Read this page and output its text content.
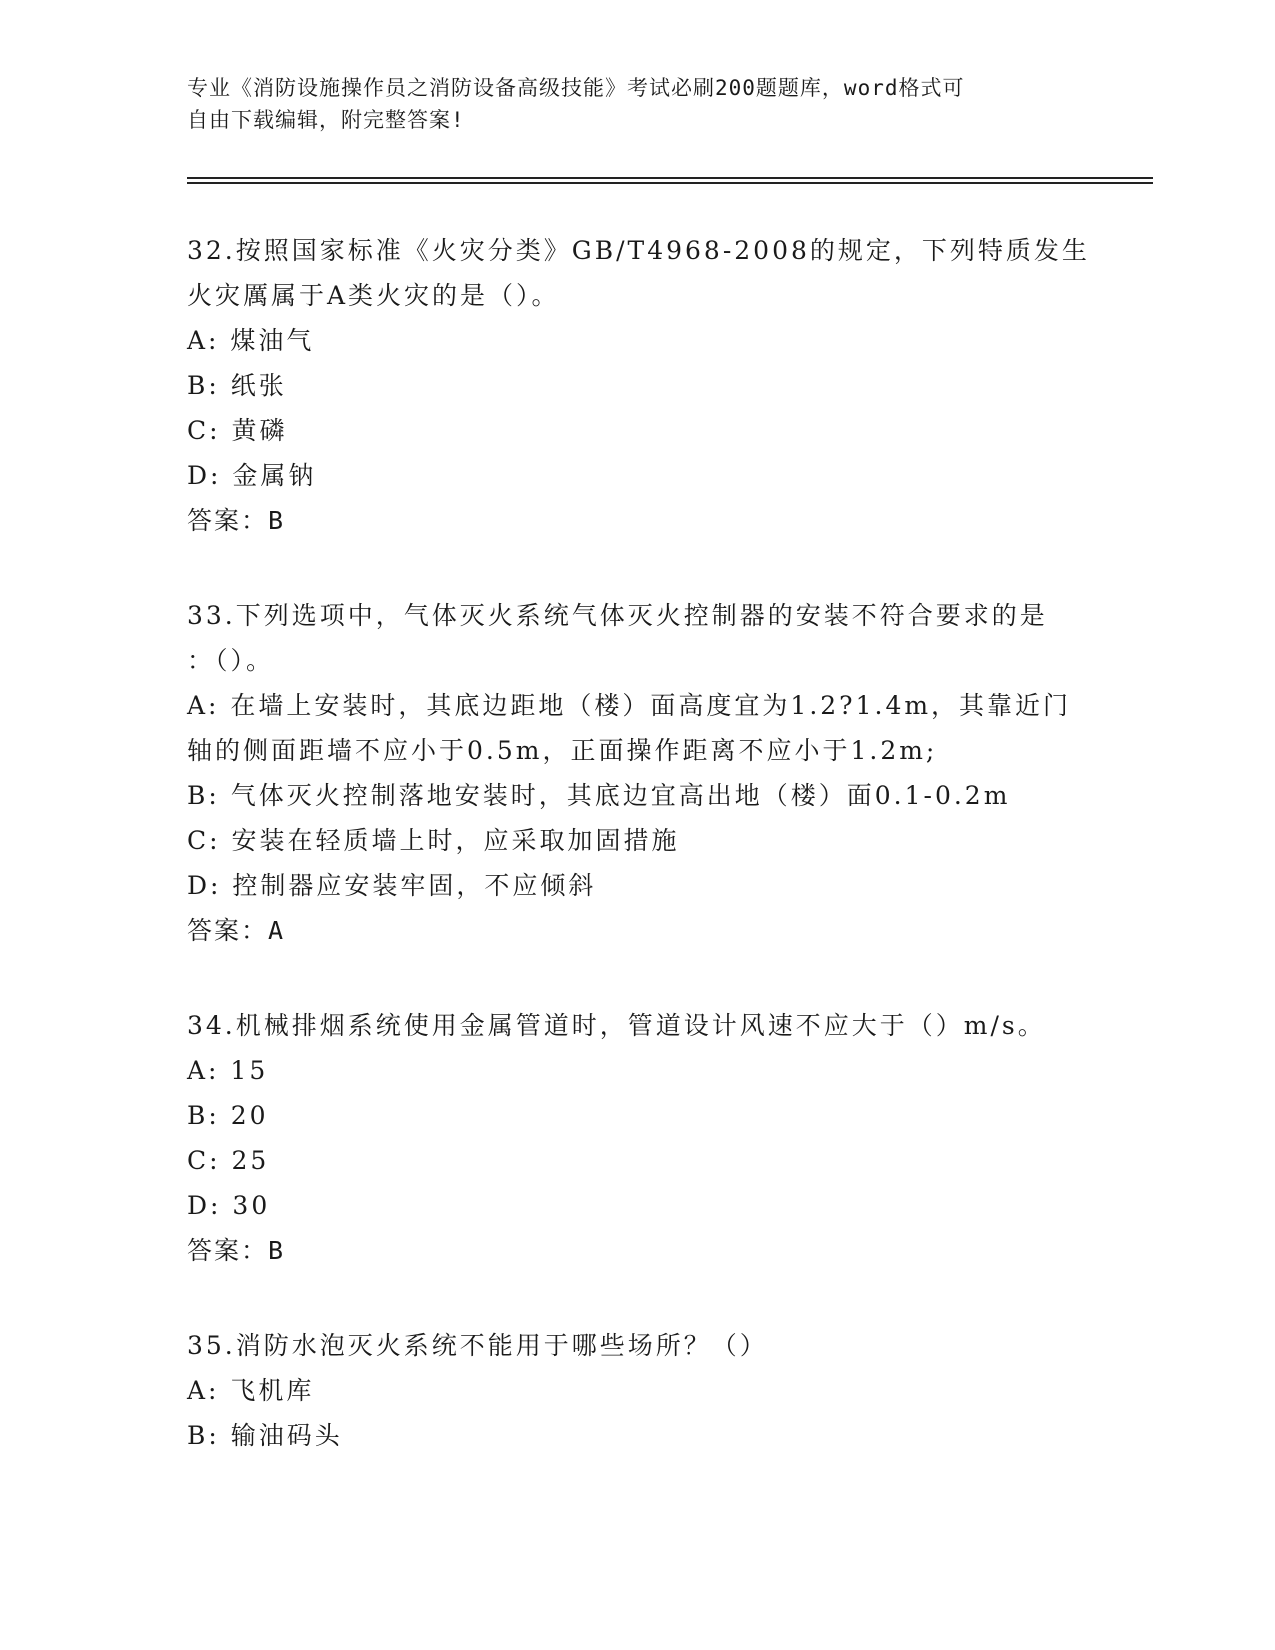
专业《消防设施操作员之消防设备高级技能》考试必刷200题题库，word格式可
自由下载编辑，附完整答案!
32.按照国家标准《火灾分类》GB/T4968-2008的规定，下列特质发生
火灾厲属于A类火灾的是（）。
A: 煤油气
B: 纸张
C: 黄磷
D: 金属钠
答案：B
33.下列选项中，气体灭火系统气体灭火控制器的安装不符合要求的是
：（）。
A: 在墙上安装时，其底边距地（楼）面高度宜为1.2?1.4m，其靠近门
轴的侧面距墙不应小于0.5m，正面操作距离不应小于1.2m;
B: 气体灭火控制落地安装时，其底边宜高出地（楼）面0.1-0.2m
C: 安装在轻质墙上时，应采取加固措施
D: 控制器应安装牢固，不应倾斜
答案：A
34.机械排烟系统使用金属管道时，管道设计风速不应大于（）m/s。
A: 15
B: 20
C: 25
D: 30
答案：B
35.消防水泡灭火系统不能用于哪些场所？（）
A: 飞机库
B: 输油码头
